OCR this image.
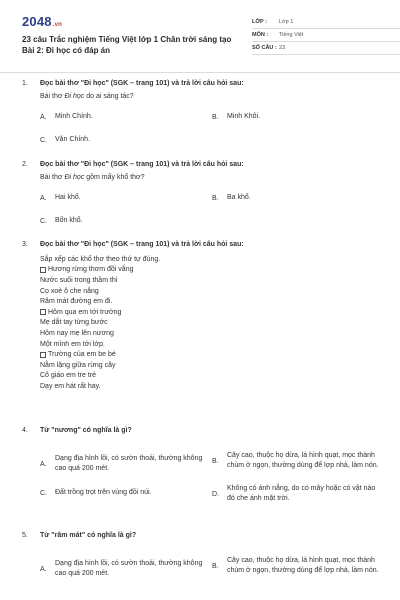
2048.vn
23 câu Trắc nghiệm Tiếng Việt lớp 1 Chân trời sáng tạo Bài 2: Đi học có đáp án
LỚP :	Lớp 1
MÔN :	Tiếng Việt
SỐ CÂU : 23
1. Đọc bài thơ "Đi học" (SGK – trang 101) và trả lời câu hỏi sau:
Bài thơ Đi học do ai sáng tác?
A.	Minh Chính.	B.	Minh Khôi.
C.	Văn Chính.
2. Đọc bài thơ "Đi học" (SGK – trang 101) và trả lời câu hỏi sau:
Bài thơ Đi học gồm mấy khổ thơ?
A.	Hai khổ.	B.	Ba khổ.
C.	Bốn khổ.
3. Đọc bài thơ "Đi học" (SGK – trang 101) và trả lời câu hỏi sau:
Sắp xếp các khổ thơ theo thứ tự đúng.
Hương rừng thơm đồi vắng
Nước suối trong thầm thì
Cọ xoè ô che nắng
Râm mát đường em đi.
Hôm qua em tới trường
Mẹ dắt tay từng bước
Hôm nay mẹ lên nương
Một mình em tới lớp.
Trường của em be bé
Nằm lặng giữa rừng cây
Cô giáo em tre trẻ
Dạy em hát rất hay.
4. Từ "nương" có nghĩa là gì?
A.
Dạng địa hình lồi, có sườn thoải, thường không cao quá 200 mét.
B.
Cây cao, thuộc họ dừa, lá hình quạt, mọc thành chùm ở ngọn, thường dùng để lợp nhà, làm nón.
C.	Đất trồng trọt trên vùng đồi núi.	D.
Không có ánh nắng, do có mây hoặc có vật nào đó che ánh mặt trời.
5. Từ "râm mát" có nghĩa là gì?
A.
Dạng địa hình lồi, có sườn thoải, thường không cao quá 200 mét.
B.
Cây cao, thuộc họ dừa, lá hình quạt, mọc thành chùm ở ngọn, thường dùng để lợp nhà, làm nón.
